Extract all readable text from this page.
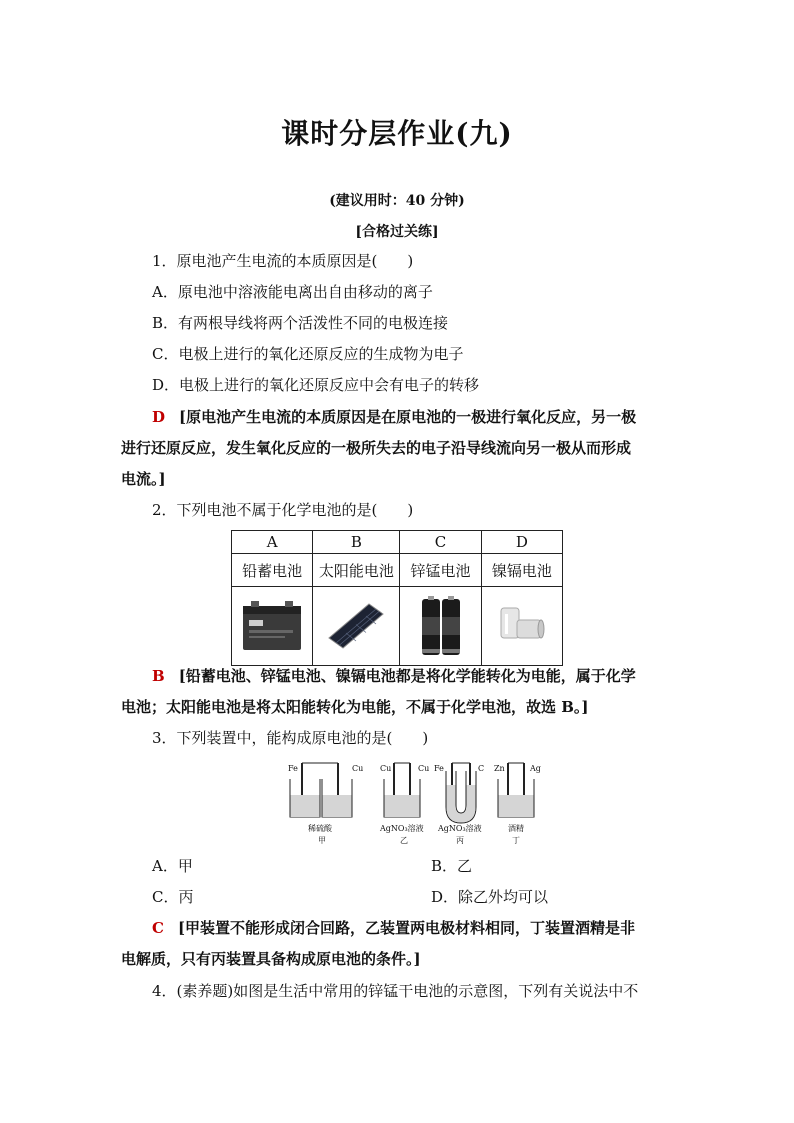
课时分层作业(九)
(建议用时：40 分钟)
[合格过关练]
1．原电池产生电流的本质原因是(　　)
A．原电池中溶液能电离出自由移动的离子
B．有两根导线将两个活泼性不同的电极连接
C．电极上进行的氧化还原反应的生成物为电子
D．电极上进行的氧化还原反应中会有电子的转移
D [原电池产生电流的本质原因是在原电池的一极进行氧化反应，另一极
进行还原反应，发生氧化反应的一极所失去的电子沿导线流向另一极从而形成
电流。]
2．下列电池不属于化学电池的是(　　)
A	B	C	D
铅蓄电池	太阳能电池	锌锰电池	镍镉电池

B [铅蓄电池、锌锰电池、镍镉电池都是将化学能转化为电能，属于化学
电池；太阳能电池是将太阳能转化为电能，不属于化学电池，故选 B。]
3．下列装置中，能构成原电池的是(　　)
Fe	Cu
稀硫酸
甲
Cu	Cu
AgNO₃溶液
乙
Fe	C
AgNO₃溶液
丙
Zn	Ag
酒精
丁
A．甲	B．乙
C．丙	D．除乙外均可以
C [甲装置不能形成闭合回路，乙装置两电极材料相同，丁装置酒精是非
电解质，只有丙装置具备构成原电池的条件。]
4．(素养题)如图是生活中常用的锌锰干电池的示意图，下列有关说法中不
